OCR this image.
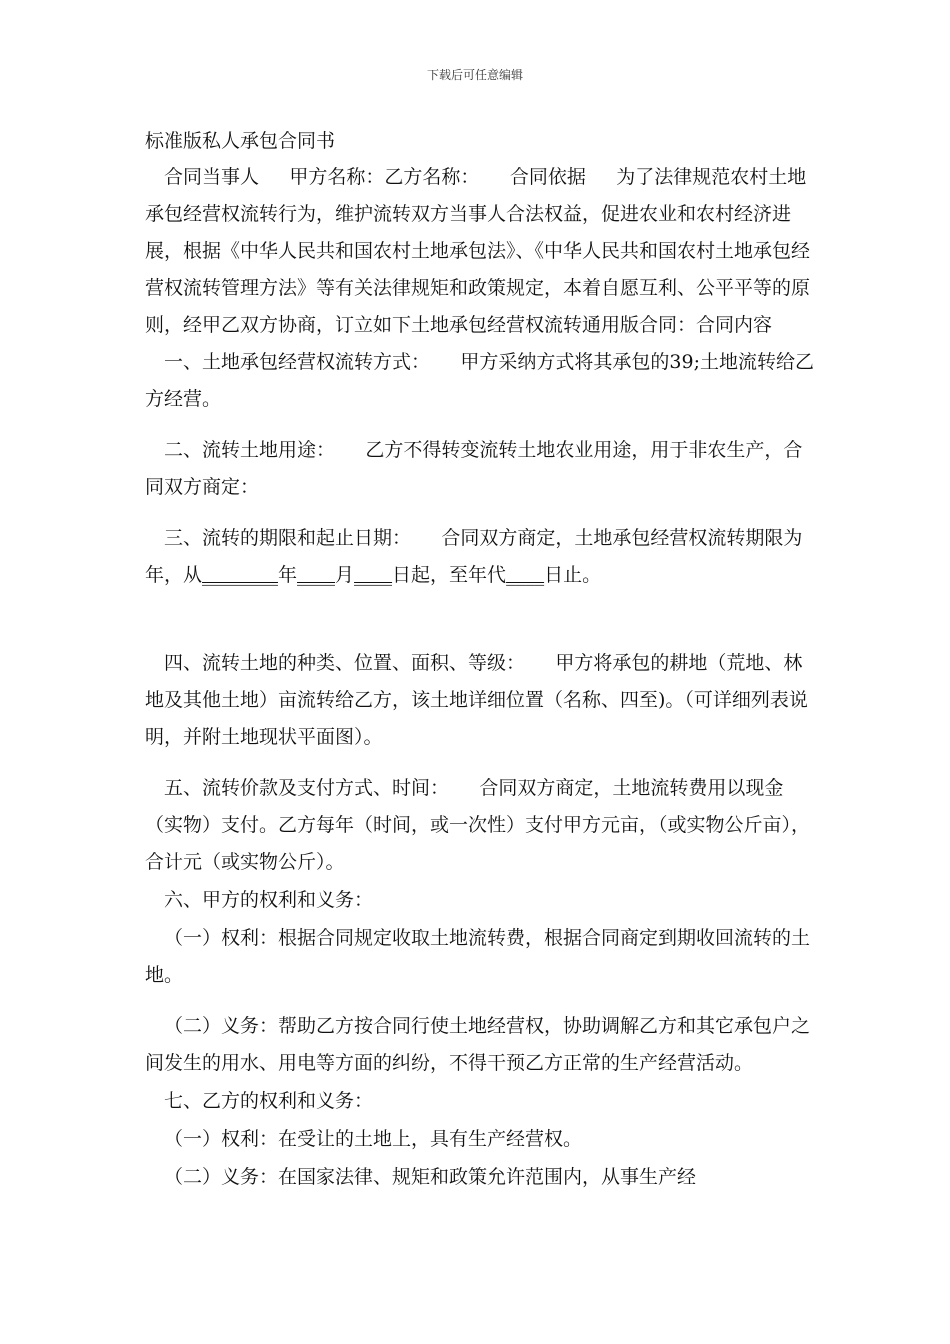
下载后可任意编辑

标准版私人承包合同书

合同当事人 甲方名称：乙方名称： 合同依据 为了法律规范农村土地承包经营权流转行为，维护流转双方当事人合法权益，促进农业和农村经济进展，根据《中华人民共和国农村土地承包法》、《中华人民共和国农村土地承包经营权流转管理方法》等有关法律规矩和政策规定，本着自愿互利、公平平等的原则，经甲乙双方协商，订立如下土地承包经营权流转通用版合同：合同内容

一、土地承包经营权流转方式： 甲方采纳方式将其承包的39;土地流转给乙方经营。

二、流转土地用途： 乙方不得转变流转土地农业用途，用于非农生产，合同双方商定：

三、流转的期限和起止日期： 合同双方商定，土地承包经营权流转期限为年，从________年____月____日起，至年代____日止。

四、流转土地的种类、位置、面积、等级： 甲方将承包的耕地（荒地、林地及其他土地）亩流转给乙方，该土地详细位置（名称、四至)。（可详细列表说明，并附土地现状平面图）。

五、流转价款及支付方式、时间： 合同双方商定，土地流转费用以现金（实物）支付。乙方每年（时间，或一次性）支付甲方元亩，（或实物公斤亩），合计元（或实物公斤）。

六、甲方的权利和义务：

（一）权利：根据合同规定收取土地流转费，根据合同商定到期收回流转的土地。

（二）义务：帮助乙方按合同行使土地经营权，协助调解乙方和其它承包户之间发生的用水、用电等方面的纠纷，不得干预乙方正常的生产经营活动。

七、乙方的权利和义务：

（一）权利：在受让的土地上，具有生产经营权。

（二）义务：在国家法律、规矩和政策允许范围内，从事生产经
